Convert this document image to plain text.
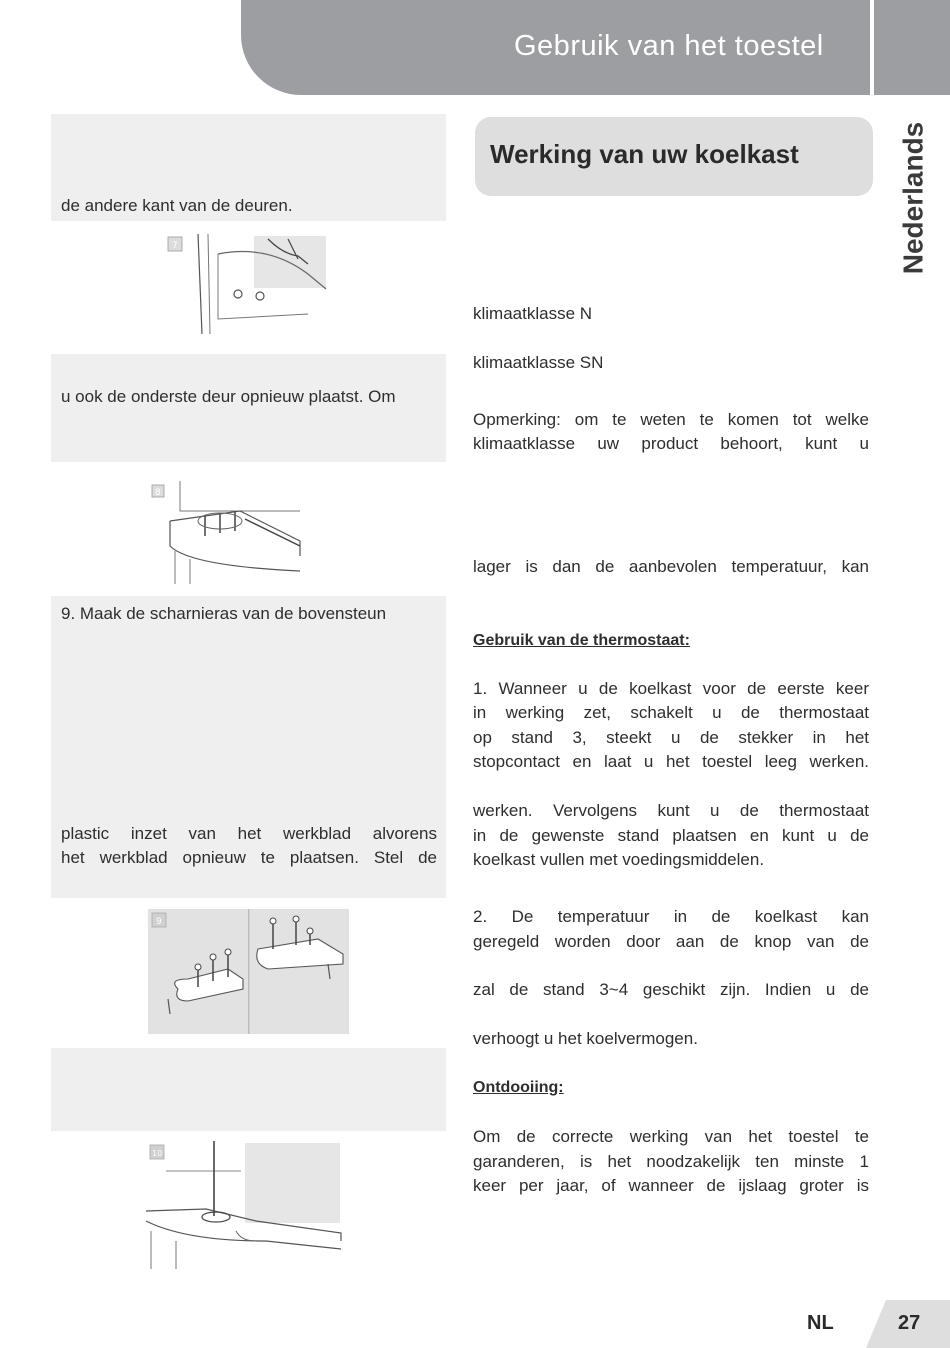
Gebruik van het toestel
Nederlands
de andere kant van de deuren.
7
u ook de onderste deur opnieuw plaatst. Om
8
9. Maak de scharnieras van de bovensteun
plastic inzet van het werkblad alvorens
het werkblad opnieuw te plaatsen. Stel de
9
10
Werking van uw koelkast
klimaatklasse N
klimaatklasse SN
Opmerking: om te weten te komen tot welke
klimaatklasse uw product behoort, kunt u
lager is dan de aanbevolen temperatuur, kan
Gebruik van de thermostaat:
1. Wanneer u de koelkast voor de eerste keer
in werking zet, schakelt u de thermostaat
op stand 3, steekt u de stekker in het
stopcontact en laat u het toestel leeg werken.
werken. Vervolgens kunt u de thermostaat
in de gewenste stand plaatsen en kunt u de
koelkast vullen met voedingsmiddelen.
2. De temperatuur in de koelkast kan
geregeld worden door aan de knop van de
zal de stand 3~4 geschikt zijn. Indien u de
verhoogt u het koelvermogen.
Ontdooiing:
Om de correcte werking van het toestel te
garanderen, is het noodzakelijk ten minste 1
keer per jaar, of wanneer de ijslaag groter is
NL	27
